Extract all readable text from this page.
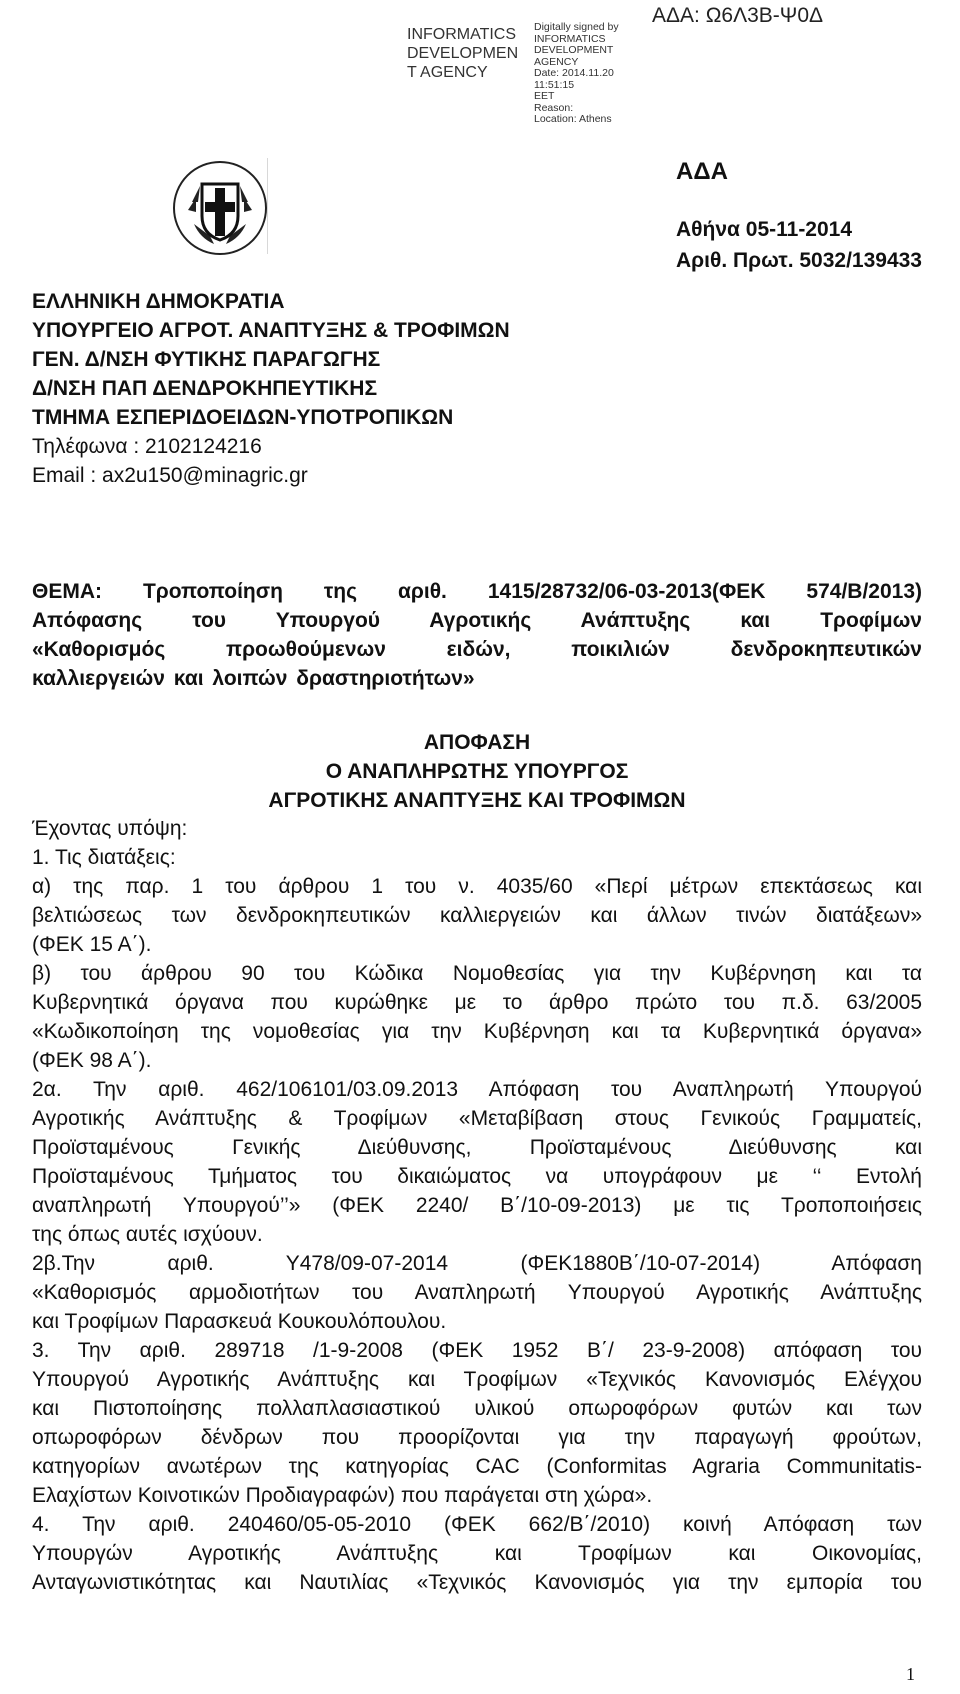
INFORMATICS
DEVELOPMEN
T AGENCY
Digitally signed by
INFORMATICS
DEVELOPMENT AGENCY
Date: 2014.11.20 11:51:15
EET
Reason:
Location: Athens
ΑΔΑ: Ω6Λ3Β-Ψ0Δ
ΑΔΑ
Αθήνα 05-11-2014
Αριθ. Πρωτ. 5032/139433
ΕΛΛΗΝΙΚΗ ΔΗΜΟΚΡΑΤΙΑ
ΥΠΟΥΡΓΕΙΟ ΑΓΡΟΤ. ΑΝΑΠΤΥΞΗΣ & ΤΡΟΦΙΜΩΝ
ΓΕΝ. Δ/ΝΣΗ ΦΥΤΙΚΗΣ ΠΑΡΑΓΩΓΗΣ
Δ/ΝΣΗ ΠΑΠ ΔΕΝΔΡΟΚΗΠΕΥΤΙΚΗΣ
ΤΜΗΜΑ ΕΣΠΕΡΙΔΟΕΙΔΩΝ-ΥΠΟΤΡΟΠΙΚΩΝ
Τηλέφωνα : 2102124216
Email : ax2u150@minagric.gr
ΘΕΜΑ: Τροποποίηση της αριθ. 1415/28732/06-03-2013(ΦΕΚ 574/Β/2013)
Απόφασης του Υπουργού Αγροτικής Ανάπτυξης και Τροφίμων
«Καθορισμός προωθούμενων ειδών, ποικιλιών δενδροκηπευτικών
καλλιεργειών και λοιπών δραστηριοτήτων»
ΑΠΟΦΑΣΗ
Ο ΑΝΑΠΛΗΡΩΤΗΣ ΥΠΟΥΡΓΟΣ
ΑΓΡΟΤΙΚΗΣ ΑΝΑΠΤΥΞΗΣ ΚΑΙ ΤΡΟΦΙΜΩΝ
Έχοντας υπόψη:
1. Τις διατάξεις:
α) της παρ. 1 του άρθρου 1 του ν. 4035/60 «Περί μέτρων επεκτάσεως και
βελτιώσεως των δενδροκηπευτικών καλλιεργειών και άλλων τινών διατάξεων»
(ΦΕΚ 15 Α΄).
β) του άρθρου 90 του Κώδικα Νομοθεσίας για την Κυβέρνηση και τα
Κυβερνητικά όργανα που κυρώθηκε με το άρθρο πρώτο του π.δ. 63/2005
«Κωδικοποίηση της νομοθεσίας για την Κυβέρνηση και τα Κυβερνητικά όργανα»
(ΦΕΚ 98 Α΄).
2α. Την αριθ. 462/106101/03.09.2013 Απόφαση του Αναπληρωτή Υπουργού
Αγροτικής Ανάπτυξης & Τροφίμων «Μεταβίβαση στους Γενικούς Γραμματείς,
Προϊσταμένους Γενικής Διεύθυνσης, Προϊσταμένους Διεύθυνσης και
Προϊσταμένους Τμήματος του δικαιώματος να υπογράφουν με ‘‘ Εντολή
αναπληρωτή Υπουργού’’» (ΦΕΚ 2240/ Β΄/10-09-2013) με τις Τροποποιήσεις
της όπως αυτές ισχύουν.
2β.Την αριθ. Υ478/09-07-2014 (ΦΕΚ1880Β΄/10-07-2014) Απόφαση
«Καθορισμός αρμοδιοτήτων του Αναπληρωτή Υπουργού Αγροτικής Ανάπτυξης
και Τροφίμων Παρασκευά Κουκουλόπουλου.
3. Την αριθ. 289718 /1-9-2008 (ΦΕΚ 1952 Β΄/ 23-9-2008) απόφαση του
Υπουργού Αγροτικής Ανάπτυξης και Τροφίμων «Τεχνικός Κανονισμός Ελέγχου
και Πιστοποίησης πολλαπλασιαστικού υλικού οπωροφόρων φυτών και των
οπωροφόρων δένδρων που προορίζονται για την παραγωγή φρούτων,
κατηγορίων ανωτέρων της κατηγορίας CAC (Conformitas Agraria Communitatis-
Ελαχίστων Κοινοτικών Προδιαγραφών) που παράγεται στη χώρα».
4. Την αριθ. 240460/05-05-2010 (ΦΕΚ 662/Β΄/2010) κοινή Απόφαση των
Υπουργών Αγροτικής Ανάπτυξης και Τροφίμων και Οικονομίας,
Ανταγωνιστικότητας και Ναυτιλίας «Τεχνικός Κανονισμός για την εμπορία του
1
